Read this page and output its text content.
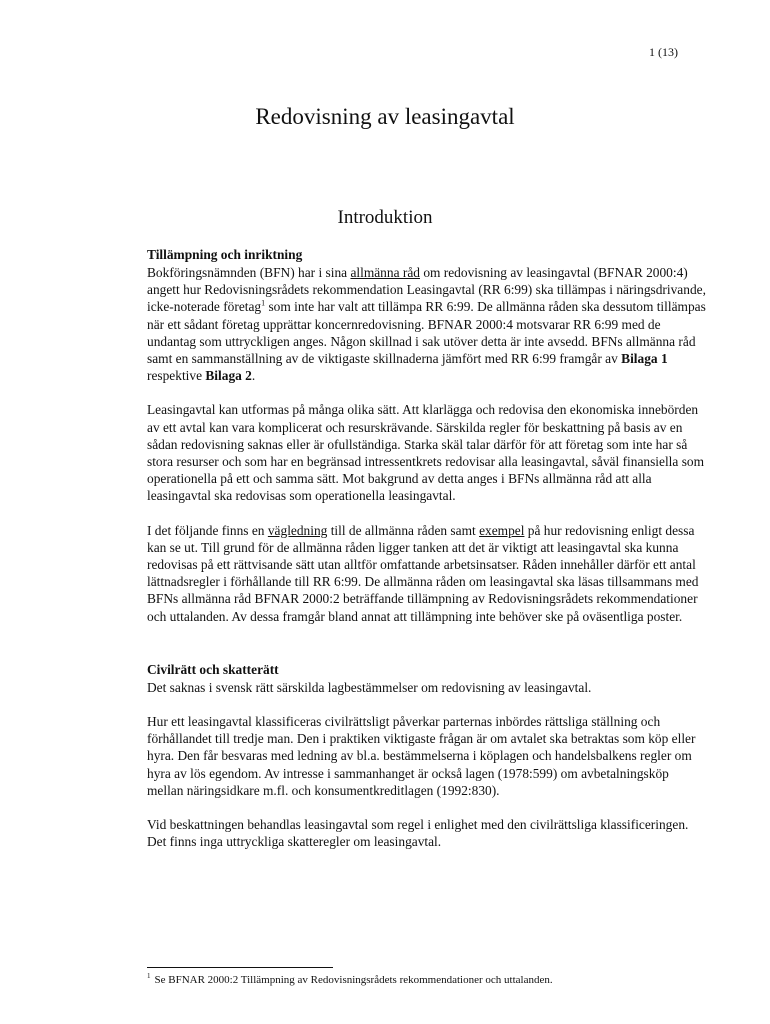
1 (13)
Redovisning av leasingavtal
Introduktion
Tillämpning och inriktning

Bokföringsnämnden (BFN) har i sina allmänna råd om redovisning av leasingavtal (BFNAR 2000:4) angett hur Redovisningsrådets rekommendation Leasingavtal (RR 6:99) ska tillämpas i näringsdrivande, icke-noterade företag$^1$ som inte har valt att tillämpa RR 6:99. De allmänna råden ska dessutom tillämpas när ett sådant företag upprättar koncernredovisning. BFNAR 2000:4 motsvarar RR 6:99 med de undantag som uttryckligen anges. Någon skillnad i sak utöver detta är inte avsedd. BFNs allmänna råd samt en sammanställning av de viktigaste skillnaderna jämfört med RR 6:99 framgår av Bilaga 1 respektive Bilaga 2.

Leasingavtal kan utformas på många olika sätt. Att klarlägga och redovisa den ekonomiska innebörden av ett avtal kan vara komplicerat och resurskrävande. Särskilda regler för beskattning på basis av en sådan redovisning saknas eller är ofullständiga. Starka skäl talar därför för att företag som inte har så stora resurser och som har en begränsad intressentkrets redovisar alla leasingavtal, såväl finansiella som operationella på ett och samma sätt. Mot bakgrund av detta anges i BFNs allmänna råd att alla leasingavtal ska redovisas som operationella leasingavtal.

I det följande finns en vägledning till de allmänna råden samt exempel på hur redovisning enligt dessa kan se ut. Till grund för de allmänna råden ligger tanken att det är viktigt att leasingavtal ska kunna redovisas på ett rättvisande sätt utan alltför omfattande arbetsinsatser. Råden innehåller därför ett antal lättnadsregler i förhållande till RR 6:99. De allmänna råden om leasingavtal ska läsas tillsammans med BFNs allmänna råd BFNAR 2000:2 beträffande tillämpning av Redovisningsrådets rekommendationer och uttalanden. Av dessa framgår bland annat att tillämpning inte behöver ske på oväsentliga poster.

Civilrätt och skatterätt

Det saknas i svensk rätt särskilda lagbestämmelser om redovisning av leasingavtal.

Hur ett leasingavtal klassificeras civilrättsligt påverkar parternas inbördes rättsliga ställning och förhållandet till tredje man. Den i praktiken viktigaste frågan är om avtalet ska betraktas som köp eller hyra. Den får besvaras med ledning av bl.a. bestämmelserna i köplagen och handelsbalkens regler om hyra av lös egendom. Av intresse i sammanhanget är också lagen (1978:599) om avbetalningsköp mellan näringsidkare m.fl. och konsumentkreditlagen (1992:830).

Vid beskattningen behandlas leasingavtal som regel i enlighet med den civilrättsliga klassificeringen. Det finns inga uttryckliga skatteregler om leasingavtal.

$^1$ Se BFNAR 2000:2 Tillämpning av Redovisningsrådets rekommendationer och uttalanden.
